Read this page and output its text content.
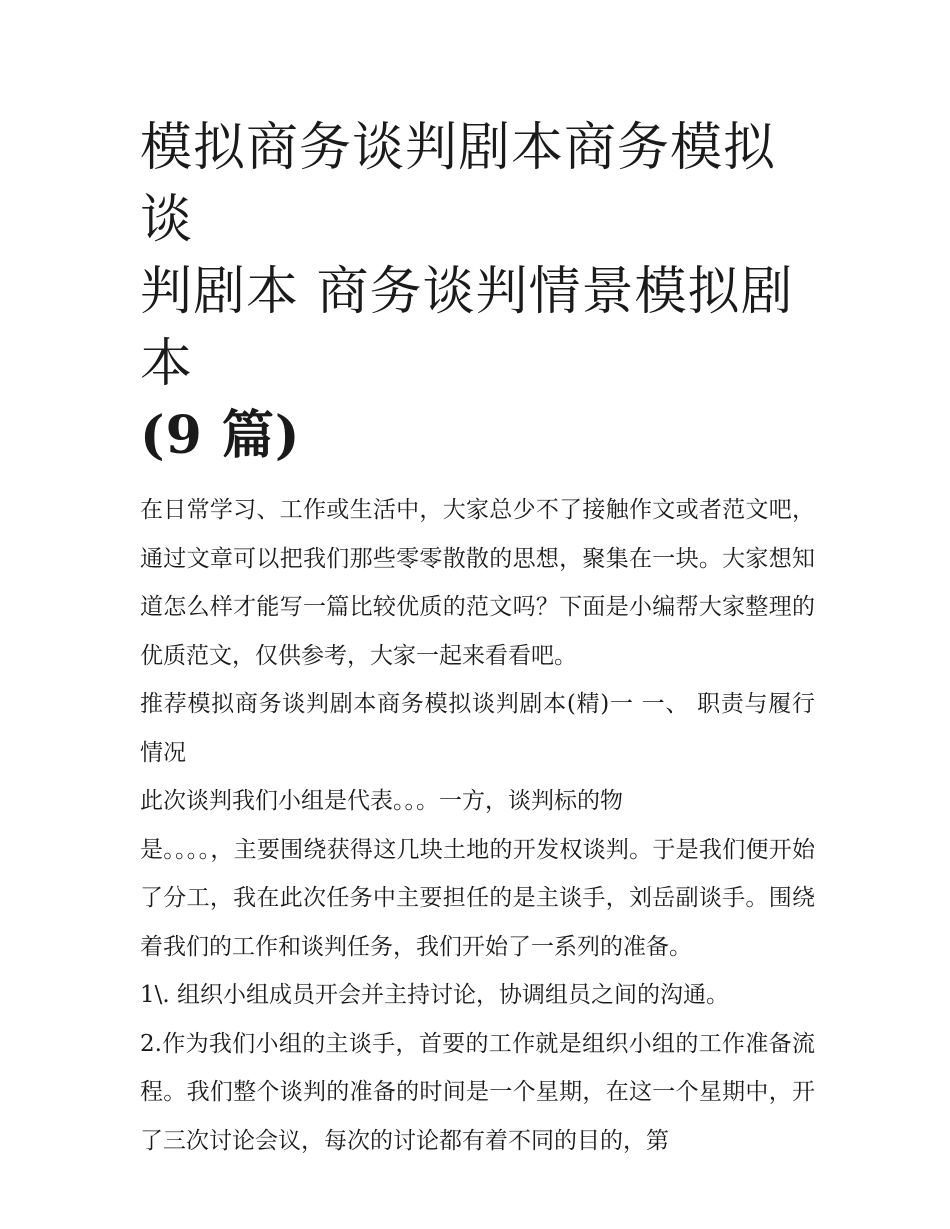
模拟商务谈判剧本商务模拟谈
判剧本 商务谈判情景模拟剧本
(9 篇)

在日常学习、工作或生活中，大家总少不了接触作文或者范文吧，通过文章可以把我们那些零零散散的思想，聚集在一块。大家想知道怎么样才能写一篇比较优质的范文吗？下面是小编帮大家整理的优质范文，仅供参考，大家一起来看看吧。

推荐模拟商务谈判剧本商务模拟谈判剧本(精)一 一、 职责与履行情况

此次谈判我们小组是代表。。。一方，谈判标的物

是。。。。，主要围绕获得这几块土地的开发权谈判。于是我们便开始了分工，我在此次任务中主要担任的是主谈手，刘岳副谈手。围绕着我们的工作和谈判任务，我们开始了一系列的准备。

1\. 组织小组成员开会并主持讨论，协调组员之间的沟通。

2.作为我们小组的主谈手，首要的工作就是组织小组的工作准备流程。我们整个谈判的准备的时间是一个星期，在这一个星期中，开了三次讨论会议，每次的讨论都有着不同的目的，第
